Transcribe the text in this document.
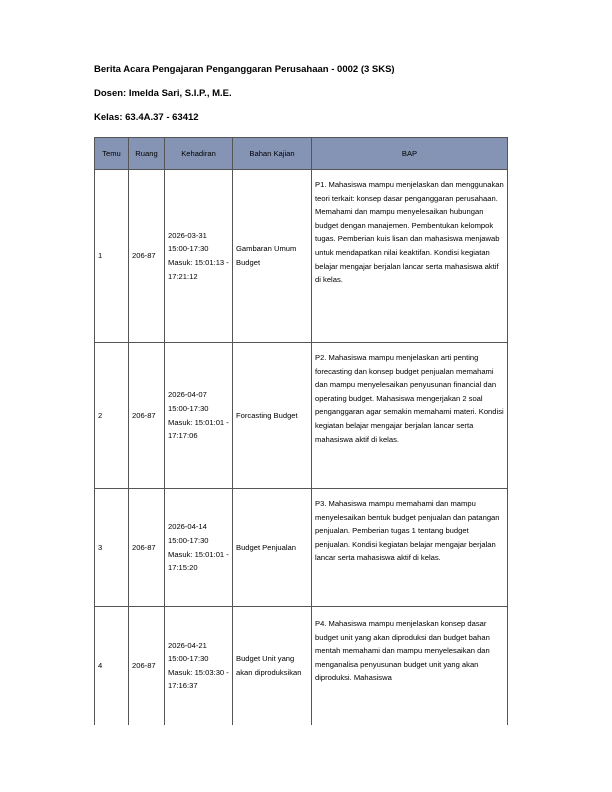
Berita Acara Pengajaran Penganggaran Perusahaan - 0002 (3 SKS)
Dosen: Imelda Sari, S.I.P., M.E.
Kelas: 63.4A.37 - 63412
Temu	Ruang	Kehadiran	Bahan Kajian	BAP
1	206-87	2026-03-31 15:00-17:30 Masuk: 15:01:13 - 17:21:12	Gambaran Umum Budget	P1. Mahasiswa mampu menjelaskan dan menggunakan teori terkait: konsep dasar penganggaran perusahaan. Memahami dan mampu menyelesaikan hubungan budget dengan manajemen. Pembentukan kelompok tugas. Pemberian kuis lisan dan mahasiswa menjawab untuk mendapatkan nilai keaktifan. Kondisi kegiatan belajar mengajar berjalan lancar serta mahasiswa aktif di kelas.
2	206-87	2026-04-07 15:00-17:30 Masuk: 15:01:01 - 17:17:06	Forcasting Budget	P2. Mahasiswa mampu menjelaskan arti penting forecasting dan konsep budget penjualan memahami dan mampu menyelesaikan penyusunan financial dan operating budget. Mahasiswa mengerjakan 2 soal penganggaran agar semakin memahami materi. Kondisi kegiatan belajar mengajar berjalan lancar serta mahasiswa aktif di kelas.
3	206-87	2026-04-14 15:00-17:30 Masuk: 15:01:01 - 17:15:20	Budget Penjualan	P3. Mahasiswa mampu memahami dan mampu menyelesaikan bentuk budget penjualan dan patangan penjualan. Pemberian tugas 1 tentang budget penjualan. Kondisi kegiatan belajar mengajar berjalan lancar serta mahasiswa aktif di kelas.
4	206-87	2026-04-21 15:00-17:30 Masuk: 15:03:30 - 17:16:37	Budget Unit yang akan diproduksikan	P4. Mahasiswa mampu menjelaskan konsep dasar budget unit yang akan diproduksi dan budget bahan mentah memahami dan mampu menyelesaikan dan menganalisa penyusunan budget unit yang akan diproduksi. Mahasiswa
